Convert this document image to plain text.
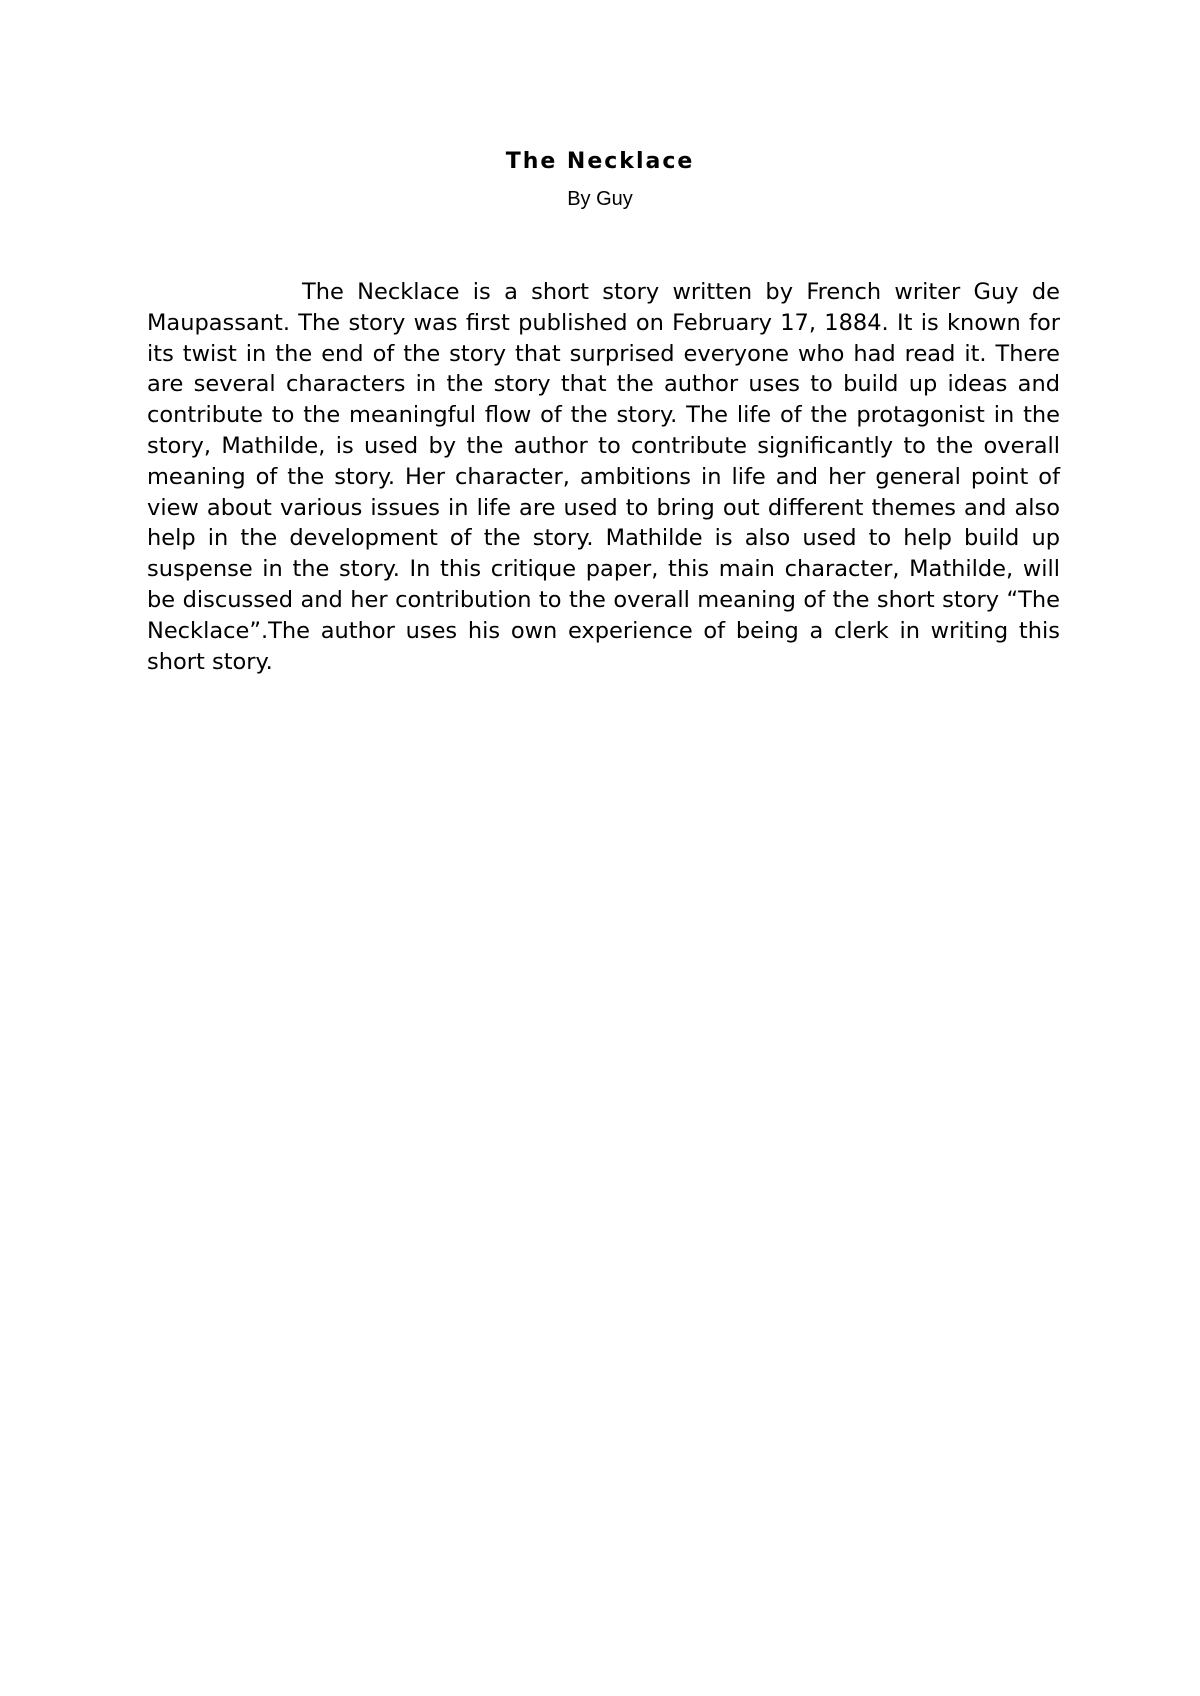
The Necklace
By Guy

The Necklace is a short story written by French writer Guy de Maupassant. The story was first published on February 17, 1884. It is known for its twist in the end of the story that surprised everyone who had read it. There are several characters in the story that the author uses to build up ideas and contribute to the meaningful flow of the story. The life of the protagonist in the story, Mathilde, is used by the author to contribute significantly to the overall meaning of the story. Her character, ambitions in life and her general point of view about various issues in life are used to bring out different themes and also help in the development of the story. Mathilde is also used to help build up suspense in the story. In this critique paper, this main character, Mathilde, will be discussed and her contribution to the overall meaning of the short story “The Necklace”.The author uses his own experience of being a clerk in writing this short story.
